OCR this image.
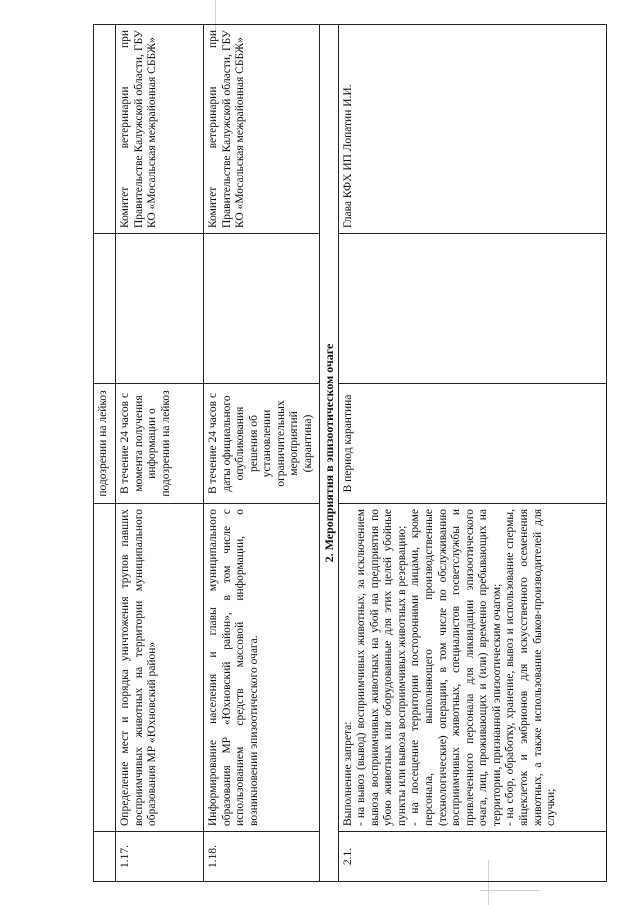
		подозрении на лейкоз		
1.17.	Определение мест и порядка уничтожения трупов павших восприимчивых животных на территории муниципального образования МР «Юхновский район»	В течение 24 часов с момента получения информации о подозрении на лейкоз		Комитет ветеринарии при Правительстве Калужской области, ГБУ КО «Мосальская межрайонная СББЖ»
1.18.	Информирование населения и главы муниципального образования МР «Юхновский район», в том числе с использованием средств массовой информации, о возникновении эпизоотического очага.	В течение 24 часов с даты официального опубликования решения об установлении ограничительных мероприятий (карантина)		Комитет ветеринарии при Правительстве Калужской области, ГБУ КО «Мосальская межрайонная СББЖ»
2. Мероприятия в эпизоотическом очаге				
2.1.	Выполнение запрета: - на вывоз (вывод) восприимчивых животных, за исключением вывоза восприимчивых животных на убой на предприятия по убою животных или оборудованные для этих целей убойные пункты или вывоза восприимчивых животных в резервацию; - на посещение территории посторонними лицами, кроме персонала, выполняющего производственные (технологические) операции, в том числе по обслуживанию восприимчивых животных, специалистов госветслужбы и привлеченного персонала для ликвидации эпизоотического очага, лиц, проживающих и (или) временно пребывающих на территории, признанной эпизоотическим очагом; - на сбор, обработку, хранение, вывоз и использование спермы, яйцеклеток и эмбрионов для искусственного осеменения животных, а также использование быков-производителей для случки;	В период карантина		Глава КФХ ИП Лопатин И.И.
